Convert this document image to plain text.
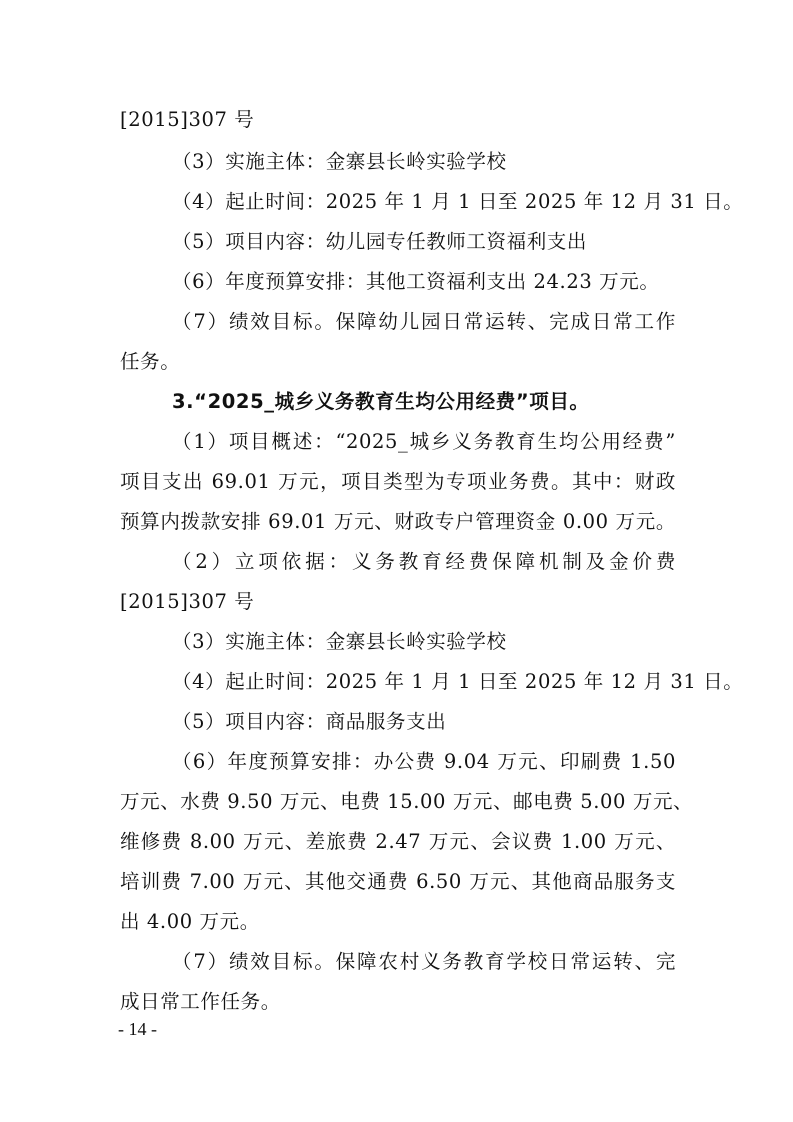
[2015]307 号
（3）实施主体：金寨县长岭实验学校
（4）起止时间：2025 年 1 月 1 日至 2025 年 12 月 31 日。
（5）项目内容：幼儿园专任教师工资福利支出
（6）年度预算安排：其他工资福利支出 24.23 万元。
（7）绩效目标。保障幼儿园日常运转、完成日常工作
任务。
3.“2025_城乡义务教育生均公用经费”项目。
（1）项目概述：“2025_城乡义务教育生均公用经费”
项目支出 69.01 万元，项目类型为专项业务费。其中：财政
预算内拨款安排 69.01 万元、财政专户管理资金 0.00 万元。
（2）立项依据：义务教育经费保障机制及金价费
[2015]307 号
（3）实施主体：金寨县长岭实验学校
（4）起止时间：2025 年 1 月 1 日至 2025 年 12 月 31 日。
（5）项目内容：商品服务支出
（6）年度预算安排：办公费 9.04 万元、印刷费 1.50
万元、水费 9.50 万元、电费 15.00 万元、邮电费 5.00 万元、
维修费 8.00 万元、差旅费 2.47 万元、会议费 1.00 万元、
培训费 7.00 万元、其他交通费 6.50 万元、其他商品服务支
出 4.00 万元。
（7）绩效目标。保障农村义务教育学校日常运转、完
成日常工作任务。
- 14 -
